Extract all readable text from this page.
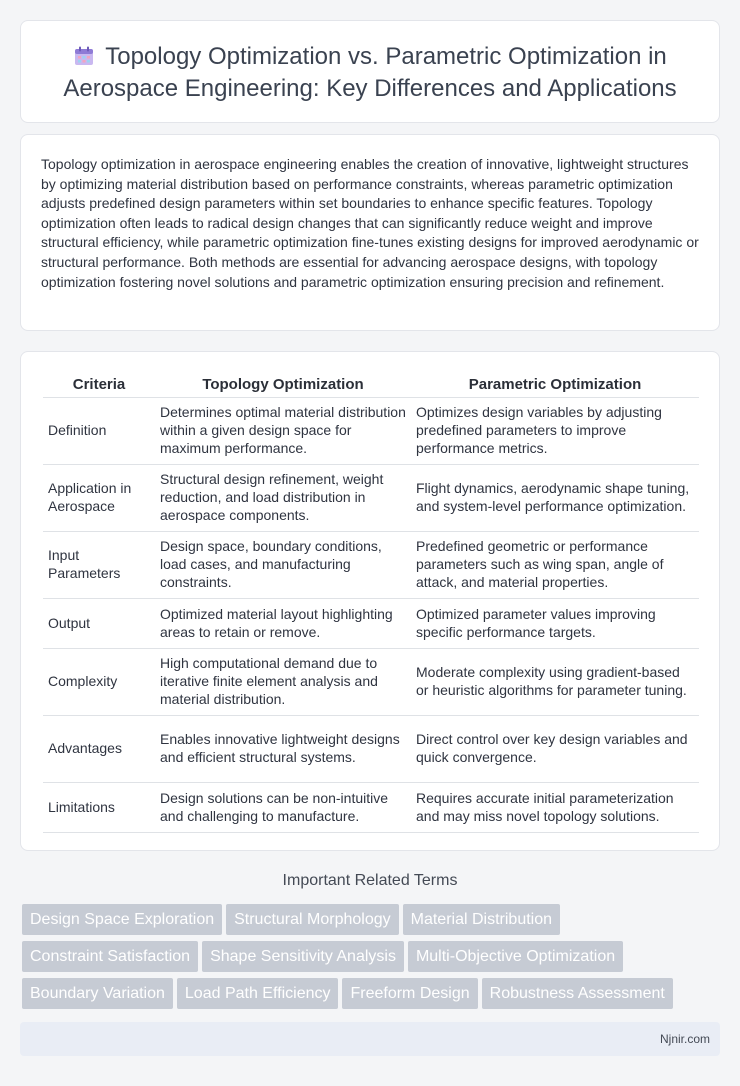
Topology Optimization vs. Parametric Optimization in Aerospace Engineering: Key Differences and Applications

Topology optimization in aerospace engineering enables the creation of innovative, lightweight structures by optimizing material distribution based on performance constraints, whereas parametric optimization adjusts predefined design parameters within set boundaries to enhance specific features. Topology optimization often leads to radical design changes that can significantly reduce weight and improve structural efficiency, while parametric optimization fine-tunes existing designs for improved aerodynamic or structural performance. Both methods are essential for advancing aerospace designs, with topology optimization fostering novel solutions and parametric optimization ensuring precision and refinement.

Criteria	Topology Optimization	Parametric Optimization
Definition	Determines optimal material distribution within a given design space for maximum performance.	Optimizes design variables by adjusting predefined parameters to improve performance metrics.
Application in Aerospace	Structural design refinement, weight reduction, and load distribution in aerospace components.	Flight dynamics, aerodynamic shape tuning, and system-level performance optimization.
Input Parameters	Design space, boundary conditions, load cases, and manufacturing constraints.	Predefined geometric or performance parameters such as wing span, angle of attack, and material properties.
Output	Optimized material layout highlighting areas to retain or remove.	Optimized parameter values improving specific performance targets.
Complexity	High computational demand due to iterative finite element analysis and material distribution.	Moderate complexity using gradient-based or heuristic algorithms for parameter tuning.
Advantages	Enables innovative lightweight designs and efficient structural systems.	Direct control over key design variables and quick convergence.
Limitations	Design solutions can be non-intuitive and challenging to manufacture.	Requires accurate initial parameterization and may miss novel topology solutions.
Important Related Terms
Design Space Exploration Structural Morphology Material Distribution
Constraint Satisfaction Shape Sensitivity Analysis Multi-Objective Optimization
Boundary Variation Load Path Efficiency Freeform Design Robustness Assessment
Njnir.com
